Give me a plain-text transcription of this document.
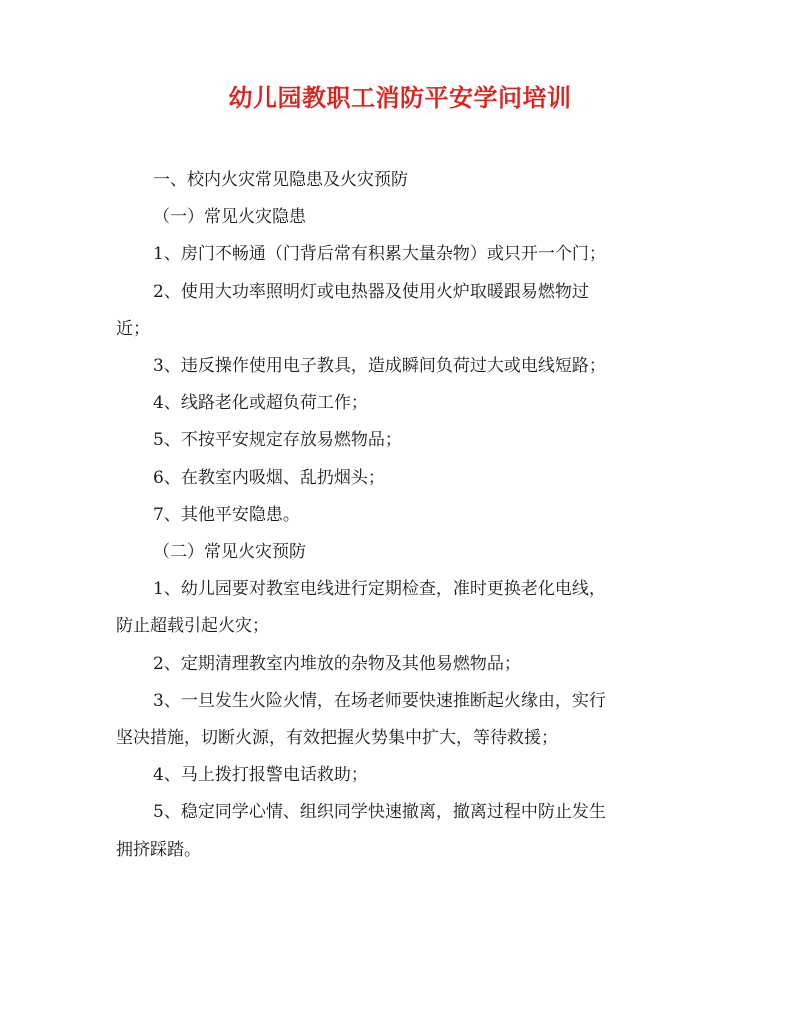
幼儿园教职工消防平安学问培训
一、校内火灾常见隐患及火灾预防
（一）常见火灾隐患
1、房门不畅通（门背后常有积累大量杂物）或只开一个门；
2、使用大功率照明灯或电热器及使用火炉取暖跟易燃物过
近；
3、违反操作使用电子教具，造成瞬间负荷过大或电线短路；
4、线路老化或超负荷工作；
5、不按平安规定存放易燃物品；
6、在教室内吸烟、乱扔烟头；
7、其他平安隐患。
（二）常见火灾预防
1、幼儿园要对教室电线进行定期检查，准时更换老化电线，
防止超载引起火灾；
2、定期清理教室内堆放的杂物及其他易燃物品；
3、一旦发生火险火情，在场老师要快速推断起火缘由，实行
坚决措施，切断火源，有效把握火势集中扩大，等待救援；
4、马上拨打报警电话救助；
5、稳定同学心情、组织同学快速撤离，撤离过程中防止发生
拥挤踩踏。
